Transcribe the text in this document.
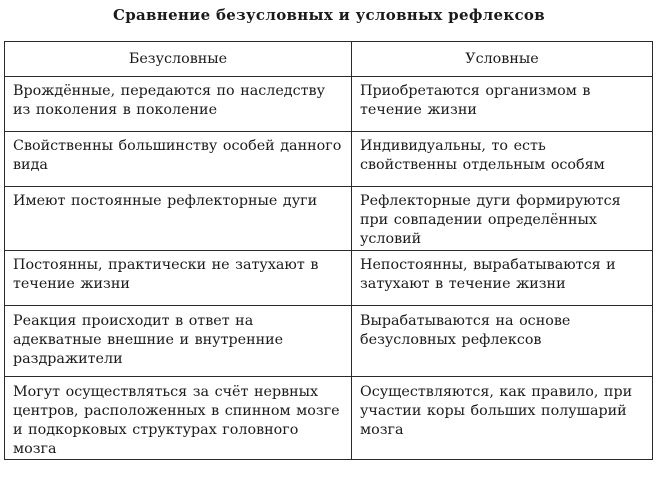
Сравнение безусловных и условных рефлексов
Безусловные	Условные
Врождённые, передаются по наследству из поколения в поколение	Приобретаются организмом в течение жизни
Свойственны большинству особей данного вида	Индивидуальны, то есть свойственны отдельным особям
Имеют постоянные рефлекторные дуги	Рефлекторные дуги формируются при совпадении определённых условий
Постоянны, практически не затухают в течение жизни	Непостоянны, вырабатываются и затухают в течение жизни
Реакция происходит в ответ на адекватные внешние и внутренние раздражители	Вырабатываются на основе безусловных рефлексов
Могут осуществляться за счёт нервных центров, расположенных в спинном мозге и подкорковых структурах головного мозга	Осуществляются, как правило, при участии коры больших полушарий мозга
